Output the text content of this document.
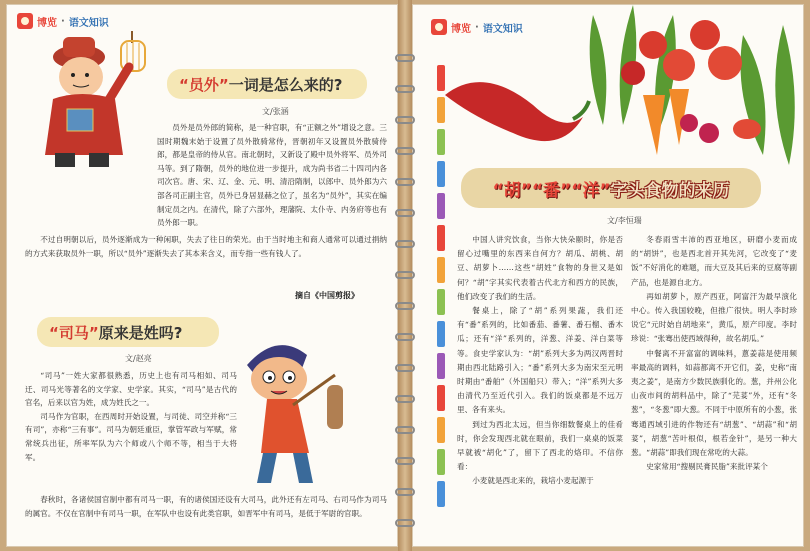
博览 · 语文知识
“员外” 一词是怎么来的?
文/张涵

员外是员外郎的简称，是一种官职，有“正额之外”增设之意。三国时期魏末始于设置了员外散骑常侍，晋朝初年又设置员外散骑侍郎，都是皇帝的侍从官。南北朝时，又新设了殿中员外将军、员外司马等。到了隋朝，员外的地位进一步提升，成为尚书省二十四司内各司次官。唐、宋、辽、金、元、明、清沿隋制，以郎中、员外郎为六部各司正副主官，员外已身居显赫之位了，虽名为“员外”，其实在编制定员之内。在清代，除了六部外，理藩院、太仆寺、内务府等也有员外郎一职。

不过自明朝以后，员外逐渐成为一种闲职，失去了往日的荣光。由于当时地主和商人通常可以通过捐纳的方式来获取员外一职，所以“员外”逐渐失去了其本来含义，而专指一些有钱人了。

摘自《中国剪报》
“司马” 原来是姓吗?
文/赵亮

“司马”一姓大家都很熟悉，历史上也有司马相如、司马迁、司马光等著名的文学家、史学家。其实，“司马”是古代的官名，后来以官为姓，成为姓氏之一。

司马作为官职，在西周时开始设置，与司徒、司空并称“三有司”，亦称“三有事”。司马为朝廷重臣，掌管军政与军赋，常常统兵出征，所率军队为六个师或八个师不等，相当于大将军。

春秋时，各诸侯国官制中都有司马一职，有的诸侯国还设有大司马，此外还有左司马、右司马作为司马的属官。不仅在官制中有司马一职，在军队中也设有此类官职，如晋军中有司马，是低于军尉的官职。

博览 · 语文知识
“胡” “番” “洋” 字头食物的来历
文/李恒瑞

中国人讲究饮食，当你大快朵颐时，你是否留心过嘴里的东西来自何方？胡瓜、胡桃、胡豆、胡萝卜……这些“胡姓”食物的身世又是如何？“胡”字其实代表着古代北方和西方的民族，他们改变了我们的生活。

餐桌上，除了“胡”系列果蔬，我们还有“番”系列的，比如番茄、番薯、番石榴、番木瓜；还有“洋”系列的，洋葱、洋姜、洋白菜等等。食史学家认为：“胡”系列大多为两汉两晋时期由西北陆路引入；“番”系列大多为南宋至元明时期由“番舶”（外国船只）带入；“洋”系列大多由清代乃至近代引入。我们的饭桌都是不远万里、各有来头。

到过为西北太远，但当你细数餐桌上的佳肴时，你会发现西北就在眼前，我们一桌桌的饭菜早就被“胡化”了，留下了西北的烙印。不信你看：

小麦就是西北来的，栽培小麦起源于

冬春雨雪丰沛的西亚地区，研磨小麦而成的“胡饼”，也是西北首开其先河，它改变了“麦饭”不好消化的难题，而大豆及其后来的豆腐等副产品，也是源自北方。

再如胡萝卜，原产西亚，阿富汗为最早演化中心。传入我国较晚，但推广很快。明人李时珍说它“元时始自胡地来”，黄瓜，原产印度。李时珍说：“张骞出使西域得种，故名胡瓜。”

中餐离不开富富的调味料，蔥姜蒜是使用频率最高的调料，如蒜都离不开它们，姜，史称“南夷之姜”，是南方少数民族驯化的。葱，并州公化山夜市间的胡料品中，除了“芫荽”外，还有“冬葱”，“冬葱”即大葱。不同于中原所有的小葱，张骞通西域引进的作物还有“胡葱”、“胡蒜”和“胡荽”，胡葱“苦叶根似，根若金针”，是另一种大葱。“胡蒜”即我们现在常吃的大蒜。

史家常用“搜剔民膏民脂”来批评某个
